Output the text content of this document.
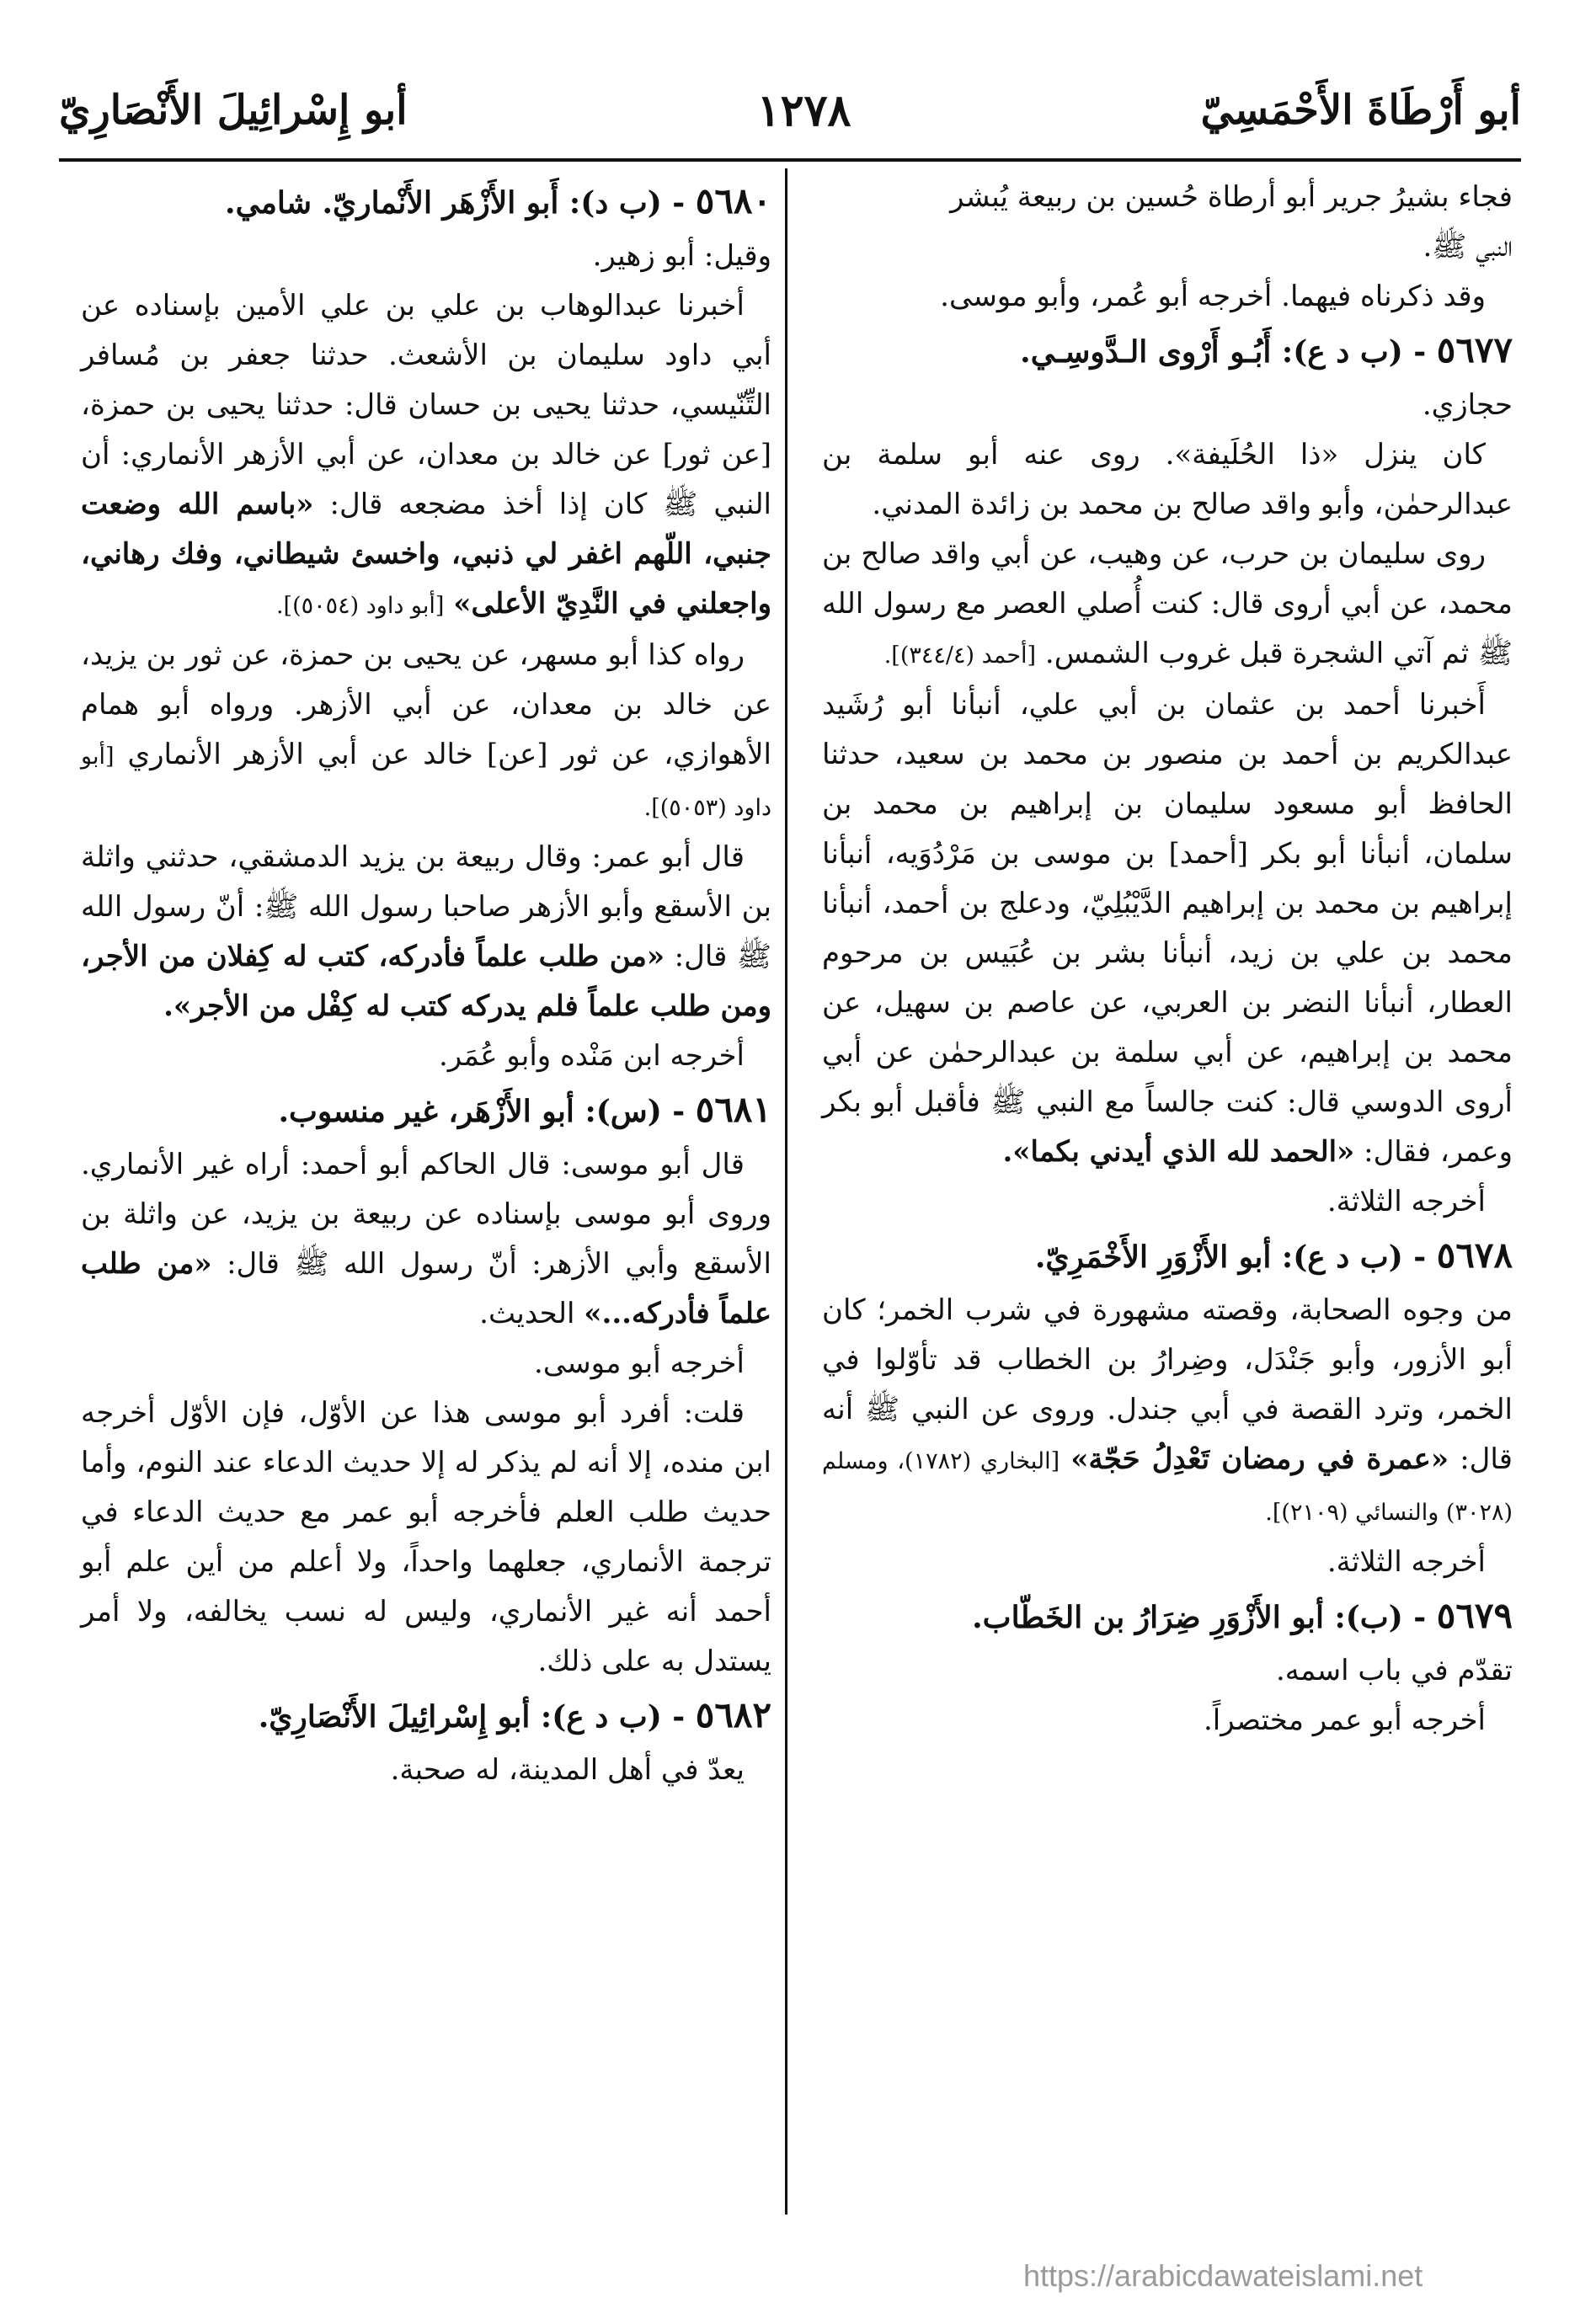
أبو أَرْطَاةَ الأَحْمَسِيّ
١٢٧٨
أبو إِسْرائِيلَ الأَنْصَارِيّ

فجاء بشيرُ جرير أبو أرطاة حُسين بن ربيعة يُبشر

النبي ﷺ.

وقد ذكرناه فيهما. أخرجه أبو عُمر، وأبو موسى.

٥٦٧٧ - (ب د ع): أَبُـو أَرْوى الـدَّوسِـي.

حجازي.

كان ينزل «ذا الحُلَيفة». روى عنه أبو سلمة بن عبدالرحمٰن، وأبو واقد صالح بن محمد بن زائدة المدني.

روى سليمان بن حرب، عن وهيب، عن أبي واقد صالح بن محمد، عن أبي أروى قال: كنت أُصلي العصر مع رسول الله ﷺ ثم آتي الشجرة قبل غروب الشمس. [أحمد (٣٤٤/٤)].

أَخبرنا أحمد بن عثمان بن أبي علي، أنبأنا أبو رُشَيد عبدالكريم بن أحمد بن منصور بن محمد بن سعيد، حدثنا الحافظ أبو مسعود سليمان بن إبراهيم بن محمد بن سلمان، أنبأنا أبو بكر [أحمد] بن موسى بن مَرْدُوَيه، أنبأنا إبراهيم بن محمد بن إبراهيم الدَّيْبُلِيّ، ودعلج بن أحمد، أنبأنا محمد بن علي بن زيد، أنبأنا بشر بن عُبَيس بن مرحوم العطار، أنبأنا النضر بن العربي، عن عاصم بن سهيل، عن محمد بن إبراهيم، عن أبي سلمة بن عبدالرحمٰن عن أبي أروى الدوسي قال: كنت جالساً مع النبي ﷺ فأقبل أبو بكر وعمر، فقال: «الحمد لله الذي أيدني بكما».

أخرجه الثلاثة.

٥٦٧٨ - (ب د ع): أبو الأَزْوَرِ الأَخْمَرِيّ.

من وجوه الصحابة، وقصته مشهورة في شرب الخمر؛ كان أبو الأزور، وأبو جَنْدَل، وضِرارُ بن الخطاب قد تأوّلوا في الخمر، وترد القصة في أبي جندل. وروى عن النبي ﷺ أنه قال: «عمرة في رمضان تَعْدِلُ حَجّة» [البخاري (١٧٨٢)، ومسلم (٣٠٢٨) والنسائي (٢١٠٩)].

أخرجه الثلاثة.

٥٦٧٩ - (ب): أبو الأَزْوَرِ ضِرَارُ بن الخَطّاب.

تقدّم في باب اسمه.

أخرجه أبو عمر مختصراً.

٥٦٨٠ - (ب د): أَبو الأَزْهَر الأَنْماريّ. شامي.

وقيل: أبو زهير.

أخبرنا عبدالوهاب بن علي بن علي الأمين بإسناده عن أبي داود سليمان بن الأشعث. حدثنا جعفر بن مُسافر التِّنّيسي، حدثنا يحيى بن حسان قال: حدثنا يحيى بن حمزة، [عن ثور] عن خالد بن معدان، عن أبي الأزهر الأنماري: أن النبي ﷺ كان إذا أخذ مضجعه قال: «باسم الله وضعت جنبي، اللّهم اغفر لي ذنبي، واخسئ شيطاني، وفك رهاني، واجعلني في النَّدِيّ الأعلى» [أبو داود (٥٠٥٤)].

رواه كذا أبو مسهر، عن يحيى بن حمزة، عن ثور بن يزيد، عن خالد بن معدان، عن أبي الأزهر. ورواه أبو همام الأهوازي، عن ثور [عن] خالد عن أبي الأزهر الأنماري [أبو داود (٥٠٥٣)].

قال أبو عمر: وقال ربيعة بن يزيد الدمشقي، حدثني واثلة بن الأسقع وأبو الأزهر صاحبا رسول الله ﷺ: أنّ رسول الله ﷺ قال: «من طلب علماً فأدركه، كتب له كِفلان من الأجر، ومن طلب علماً فلم يدركه كتب له كِفْل من الأجر».

أخرجه ابن مَنْده وأبو عُمَر.

٥٦٨١ - (س): أبو الأَزْهَر، غير منسوب.

قال أبو موسى: قال الحاكم أبو أحمد: أراه غير الأنماري. وروى أبو موسى بإسناده عن ربيعة بن يزيد، عن واثلة بن الأسقع وأبي الأزهر: أنّ رسول الله ﷺ قال: «من طلب علماً فأدركه...» الحديث.

أخرجه أبو موسى.

قلت: أفرد أبو موسى هذا عن الأوّل، فإن الأوّل أخرجه ابن منده، إلا أنه لم يذكر له إلا حديث الدعاء عند النوم، وأما حديث طلب العلم فأخرجه أبو عمر مع حديث الدعاء في ترجمة الأنماري، جعلهما واحداً، ولا أعلم من أين علم أبو أحمد أنه غير الأنماري، وليس له نسب يخالفه، ولا أمر يستدل به على ذلك.

٥٦٨٢ - (ب د ع): أبو إِسْرائِيلَ الأَنْصَارِيّ.

يعدّ في أهل المدينة، له صحبة.

https://arabicdawateislami.net
